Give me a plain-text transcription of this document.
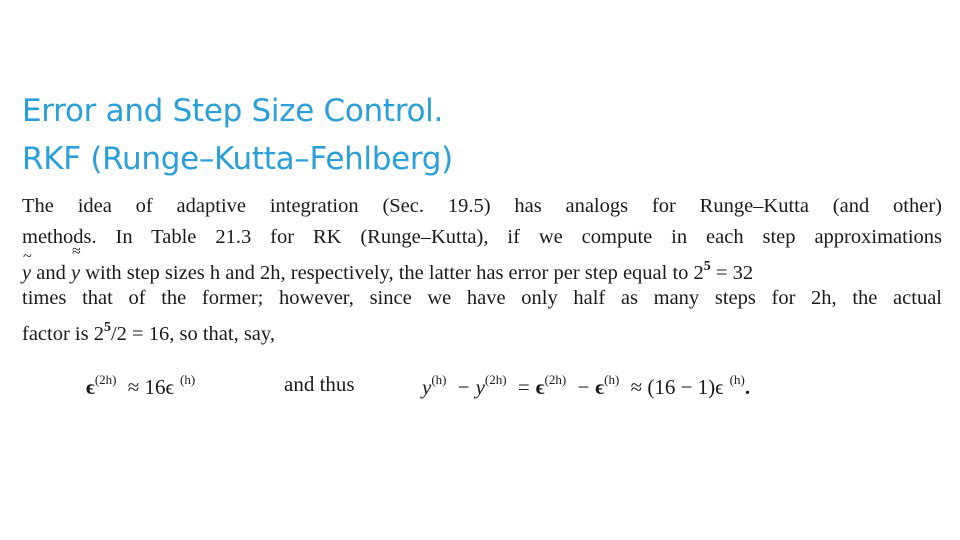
Error and Step Size Control.
RKF (Runge–Kutta–Fehlberg)
The idea of adaptive integration (Sec. 19.5) has analogs for Runge–Kutta (and other)
methods. In Table 21.3 for RK (Runge–Kutta), if we compute in each step approximations
~
y and
≈
y with step sizes h and 2h, respectively, the latter has error per step equal to $2^5 = 32$
times that of the former; however, since we have only half as many steps for 2h, the actual
factor is $2^5/2 = 16$, so that, say,
$\epsilon^{(2h)} \approx 16\epsilon$ $^{(h)}$	and thus	$y^{(h)} - y^{(2h)} = \epsilon^{(2h)} - \epsilon^{(h)} \approx (16 - 1)\epsilon$ $^{(h)}$.
